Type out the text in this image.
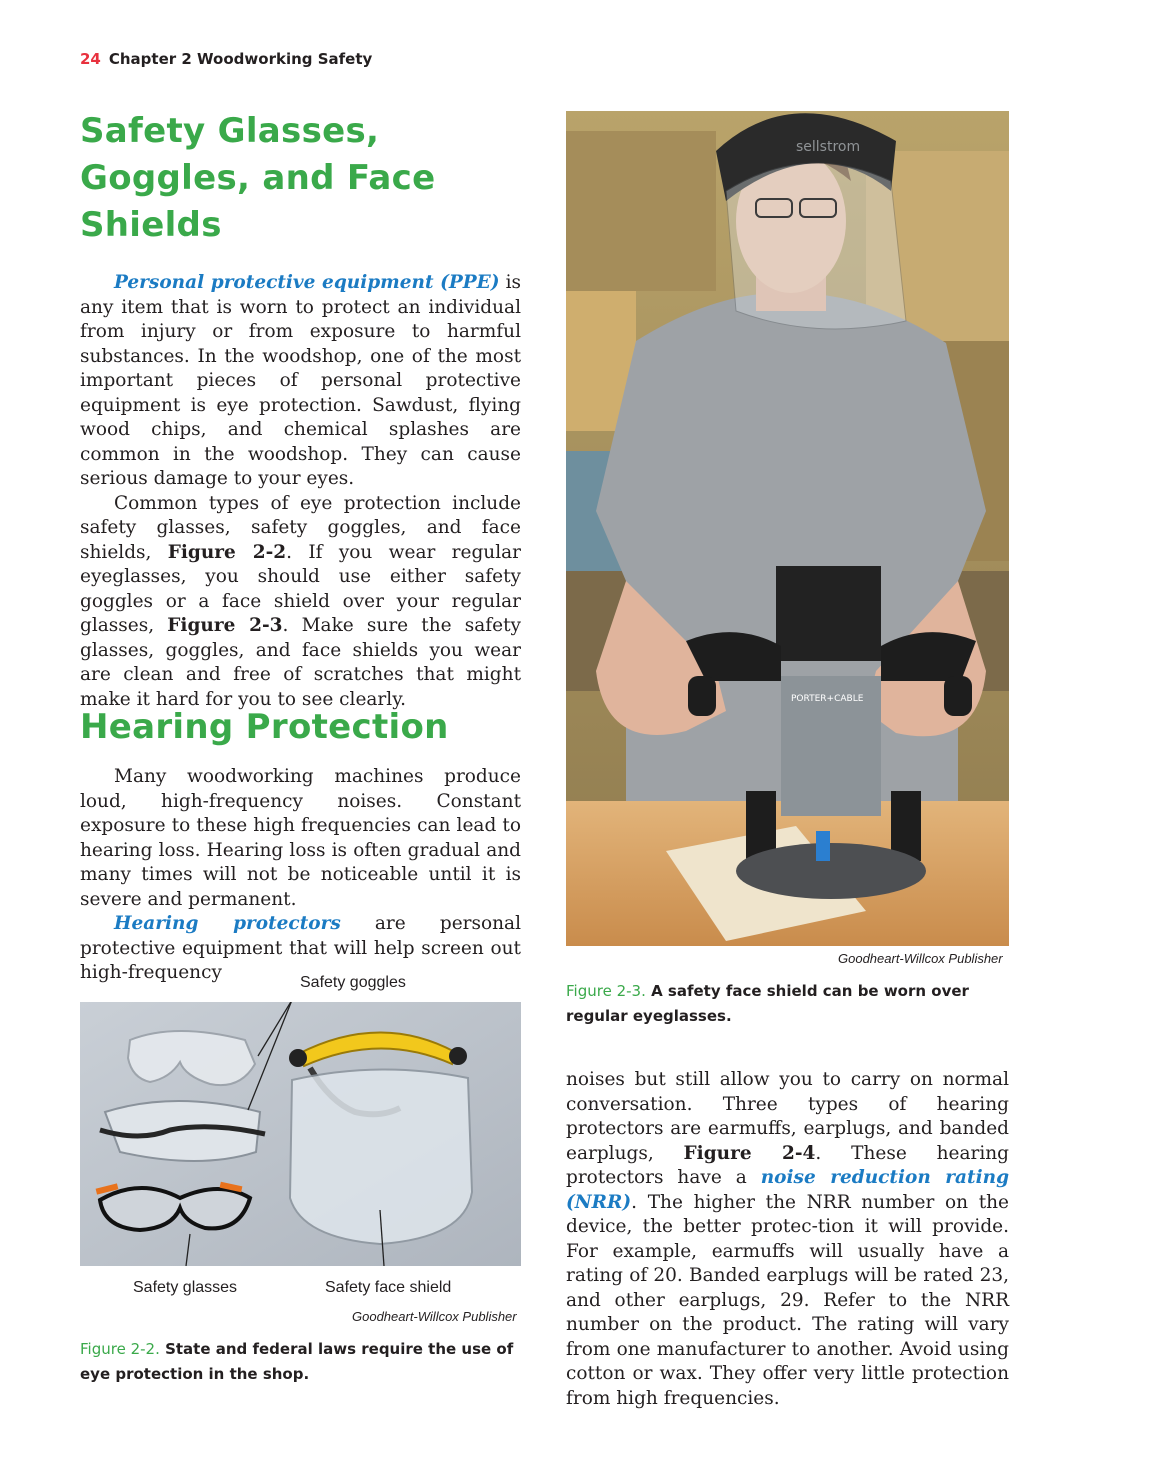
24 Chapter 2 Woodworking Safety
Safety Glasses,
Goggles, and Face
Shields

Personal protective equipment (PPE) is any item that is worn to protect an individual from injury or from exposure to harmful substances. In the woodshop, one of the most important pieces of personal protective equipment is eye protection. Sawdust, flying wood chips, and chemical splashes are common in the woodshop. They can cause serious damage to your eyes.

Common types of eye protection include safety glasses, safety goggles, and face shields, Figure 2-2. If you wear regular eyeglasses, you should use either safety goggles or a face shield over your regular glasses, Figure 2-3. Make sure the safety glasses, goggles, and face shields you wear are clean and free of scratches that might make it hard for you to see clearly.

Hearing Protection

Many woodworking machines produce loud, high-frequency noises. Constant exposure to these high frequencies can lead to hearing loss. Hearing loss is often gradual and many times will not be noticeable until it is severe and permanent.

Hearing protectors are personal protective equipment that will help screen out high-frequency	Safety goggles
Safety glasses	Safety face shield
Goodheart-Willcox Publisher
Figure 2-2. State and federal laws require the use of eye protection in the shop.
sellstrom
PORTER+CABLE
Goodheart-Willcox Publisher
Figure 2-3. A safety face shield can be worn over regular eyeglasses.

noises but still allow you to carry on normal conversation. Three types of hearing protectors are earmuffs, earplugs, and banded earplugs, Figure 2-4. These hearing protectors have a noise reduction rating (NRR). The higher the NRR number on the device, the better protec-tion it will provide. For example, earmuffs will usually have a rating of 20. Banded earplugs will be rated 23, and other earplugs, 29. Refer to the NRR number on the product. The rating will vary from one manufacturer to another. Avoid using cotton or wax. They offer very little protection from high frequencies.
